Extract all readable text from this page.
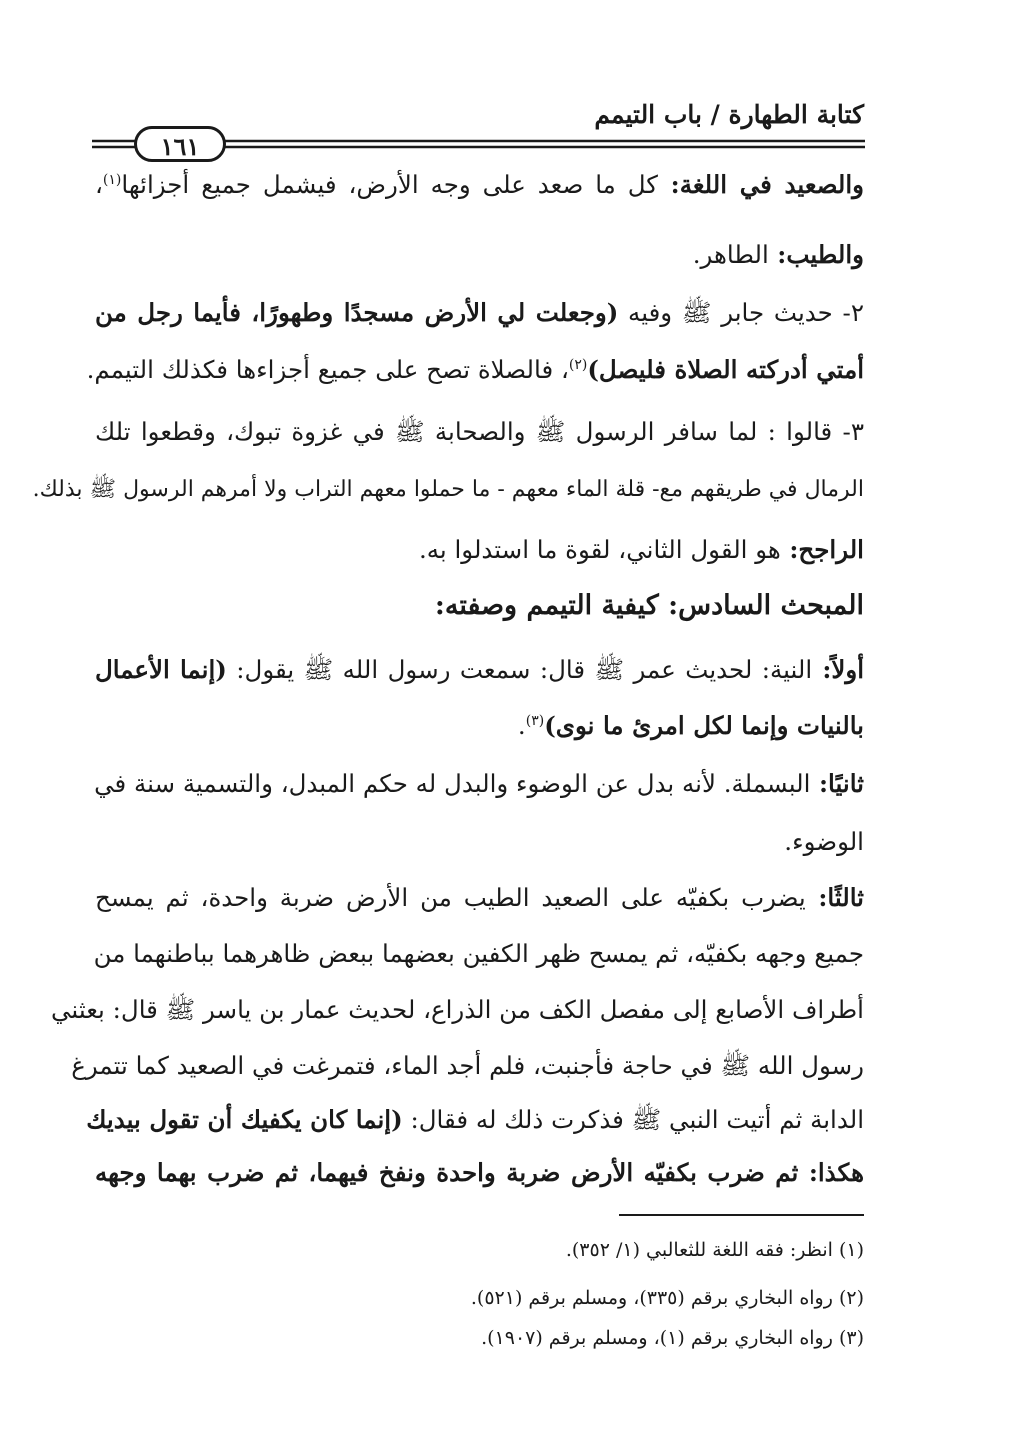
كتابة الطهارة / باب التيمم
١٦١
والصعيد في اللغة: كل ما صعد على وجه الأرض، فيشمل جميع أجزائها$^{(١)}$،
والطيب: الطاهر.
٢- حديث جابر ﷺ وفيه (وجعلت لي الأرض مسجدًا وطهورًا، فأيما رجل من
أمتي أدركته الصلاة فليصل)$^{(٢)}$، فالصلاة تصح على جميع أجزاءها فكذلك التيمم.
٣- قالوا : لما سافر الرسول ﷺ والصحابة ﷺ في غزوة تبوك، وقطعوا تلك
الرمال في طريقهم مع- قلة الماء معهم - ما حملوا معهم التراب ولا أمرهم الرسول ﷺ بذلك.
الراجح: هو القول الثاني، لقوة ما استدلوا به.
المبحث السادس: كيفية التيمم وصفته:
أولاً: النية: لحديث عمر ﷺ قال: سمعت رسول الله ﷺ يقول: (إنما الأعمال
بالنيات وإنما لكل امرئ ما نوى)$^{(٣)}$.
ثانيًا: البسملة. لأنه بدل عن الوضوء والبدل له حكم المبدل، والتسمية سنة في
الوضوء.
ثالثًا: يضرب بكفيّه على الصعيد الطيب من الأرض ضربة واحدة، ثم يمسح
جميع وجهه بكفيّه، ثم يمسح ظهر الكفين بعضهما ببعض ظاهرهما بباطنهما من
أطراف الأصابع إلى مفصل الكف من الذراع، لحديث عمار بن ياسر ﷺ قال: بعثني
رسول الله ﷺ في حاجة فأجنبت، فلم أجد الماء، فتمرغت في الصعيد كما تتمرغ
الدابة ثم أتيت النبي ﷺ فذكرت ذلك له فقال: (إنما كان يكفيك أن تقول بيديك
هكذا: ثم ضرب بكفيّه الأرض ضربة واحدة ونفخ فيهما، ثم ضرب بهما وجهه
(١) انظر: فقه اللغة للثعالبي (١/ ٣٥٢).
(٢) رواه البخاري برقم (٣٣٥)، ومسلم برقم (٥٢١).
(٣) رواه البخاري برقم (١)، ومسلم برقم (١٩٠٧).
